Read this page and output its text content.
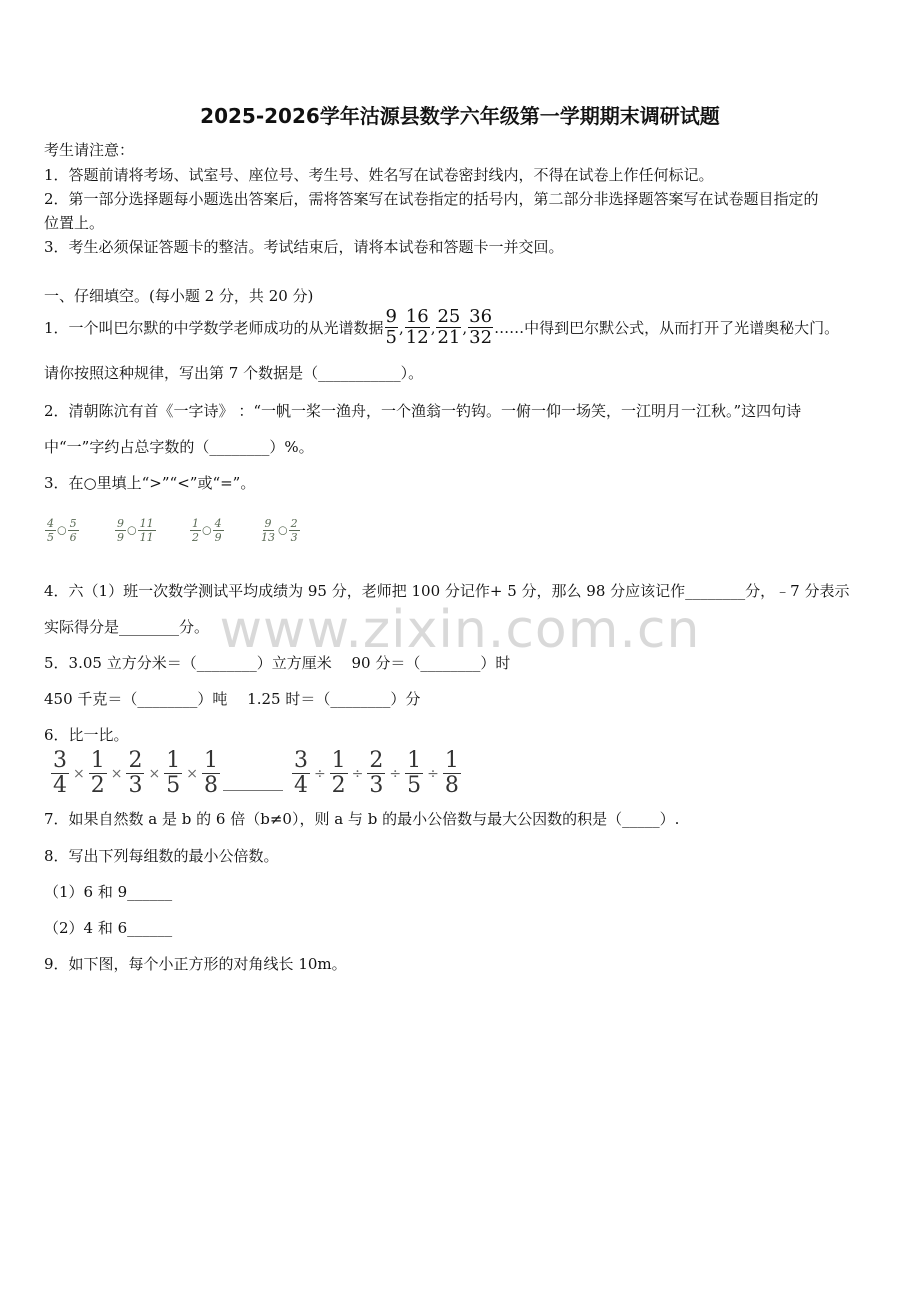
2025-2026学年沽源县数学六年级第一学期期末调研试题
考生请注意：
1．答题前请将考场、试室号、座位号、考生号、姓名写在试卷密封线内，不得在试卷上作任何标记。
2．第一部分选择题每小题选出答案后，需将答案写在试卷指定的括号内，第二部分非选择题答案写在试卷题目指定的
位置上。
3．考生必须保证答题卡的整洁。考试结束后，请将本试卷和答题卡一并交回。
一、仔细填空。(每小题 2 分，共 20 分)
1．一个叫巴尔默的中学数学老师成功的从光谱数据 $\frac{9}{5}$ , $\frac{16}{12}$ , $\frac{25}{21}$ , $\frac{36}{32}$ ……中得到巴尔默公式，从而打开了光谱奥秘大门。
请你按照这种规律，写出第 7 个数据是（___________）。
2．清朝陈沆有首《一字诗》 ：“一帆一桨一渔舟，一个渔翁一钓钩。一俯一仰一场笑，一江明月一江秋。”这四句诗
中“一”字约占总字数的（________）%。
3．在○里填上“>”“<”或“=”。
$\frac{4}{5}$ ○ $\frac{5}{6}$	$\frac{9}{9}$ ○ $\frac{11}{11}$	$\frac{1}{2}$ ○ $\frac{4}{9}$	$\frac{9}{13}$ ○ $\frac{2}{3}$
www.zixin.com.cn
4．六（1）班一次数学测试平均成绩为 95 分，老师把 100 分记作+ 5 分，那么 98 分应该记作________分，﹣7 分表示
实际得分是________分。
5．3.05 立方分米＝（________）立方厘米　 90 分＝（________）时
450 千克＝（________）吨　 1.25 时＝（________）分
6．比一比。
$\frac{3}{4} \times \frac{1}{2} \times \frac{2}{3} \times \frac{1}{5} \times \frac{1}{8}$ ________ $\frac{3}{4} \div \frac{1}{2} \div \frac{2}{3} \div \frac{1}{5} \div \frac{1}{8}$
7．如果自然数 a 是 b 的 6 倍（b≠0），则 a 与 b 的最小公倍数与最大公因数的积是（_____）.
8．写出下列每组数的最小公倍数。
（1）6 和 9______
（2）4 和 6______
9．如下图，每个小正方形的对角线长 10m。
